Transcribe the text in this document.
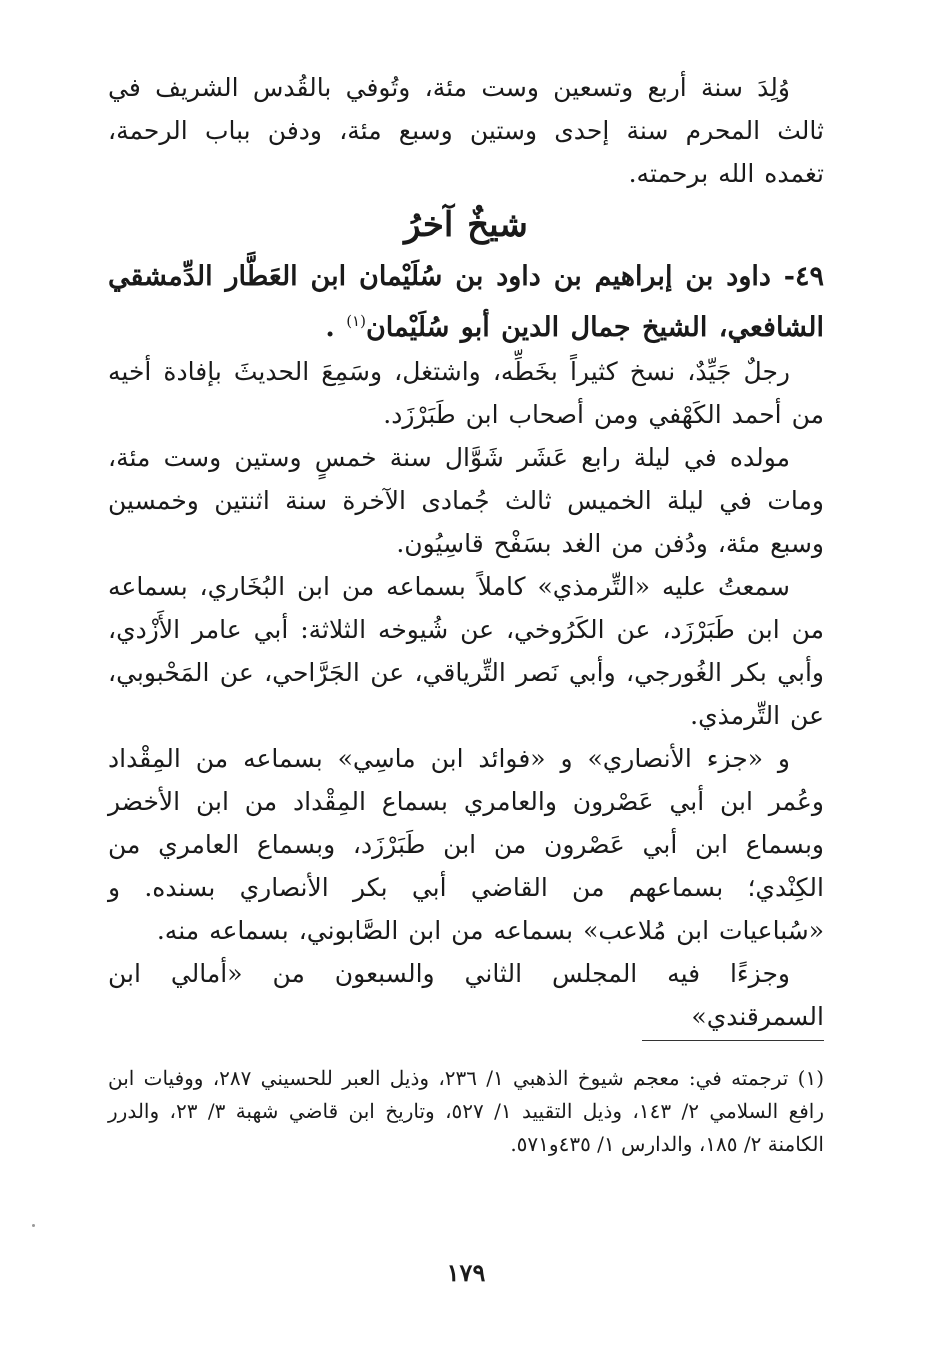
وُلِدَ سنة أربع وتسعين وست مئة، وتُوفي بالقُدس الشريف في ثالث المحرم سنة إحدى وستين وسبع مئة، ودفن بباب الرحمة، تغمده الله برحمته.

شيخٌ آخرُ

٤٩- داود بن إبراهيم بن داود بن سُلَيْمان ابن العَطَّار الدِّمشقي الشافعي، الشيخ جمال الدين أبو سُلَيْمان$^{(١)}$ .

رجلٌ جَيِّدٌ، نسخ كثيراً بخَطِّه، واشتغل، وسَمِعَ الحديثَ بإفادة أخيه من أحمد الكَهْفي ومن أصحاب ابن طَبَرْزَد.

مولده في ليلة رابع عَشَر شَوَّال سنة خمسٍ وستين وست مئة، ومات في ليلة الخميس ثالث جُمادى الآخرة سنة اثنتين وخمسين وسبع مئة، ودُفن من الغد بسَفْح قاسِيُون.

سمعتُ عليه «التِّرمذي» كاملاً بسماعه من ابن البُخَاري، بسماعه من ابن طَبَرْزَد، عن الكَرُوخي، عن شُيوخه الثلاثة: أبي عامر الأَزْدي، وأبي بكر الغُورجي، وأبي نَصر التِّرياقي، عن الجَرَّاحي، عن المَحْبوبي، عن التِّرمذي.

و «جزء الأنصاري» و «فوائد ابن ماسِي» بسماعه من المِقْداد وعُمر ابن أبي عَصْرون والعامري بسماع المِقْداد من ابن الأخضر وبسماع ابن أبي عَصْرون من ابن طَبَرْزَد، وبسماع العامري من الكِنْدي؛ بسماعهم من القاضي أبي بكر الأنصاري بسنده. و «سُباعيات ابن مُلاعب» بسماعه من ابن الصَّابوني، بسماعه منه.

وجزءًا فيه المجلس الثاني والسبعون من «أمالي ابن السمرقندي»

(١) ترجمته في: معجم شيوخ الذهبي ١/ ٢٣٦، وذيل العبر للحسيني ٢٨٧، ووفيات ابن رافع السلامي ٢/ ١٤٣، وذيل التقييد ١/ ٥٢٧، وتاريخ ابن قاضي شهبة ٣/ ٢٣، والدرر الكامنة ٢/ ١٨٥، والدارس ١/ ٤٣٥و٥٧١.

١٧٩
